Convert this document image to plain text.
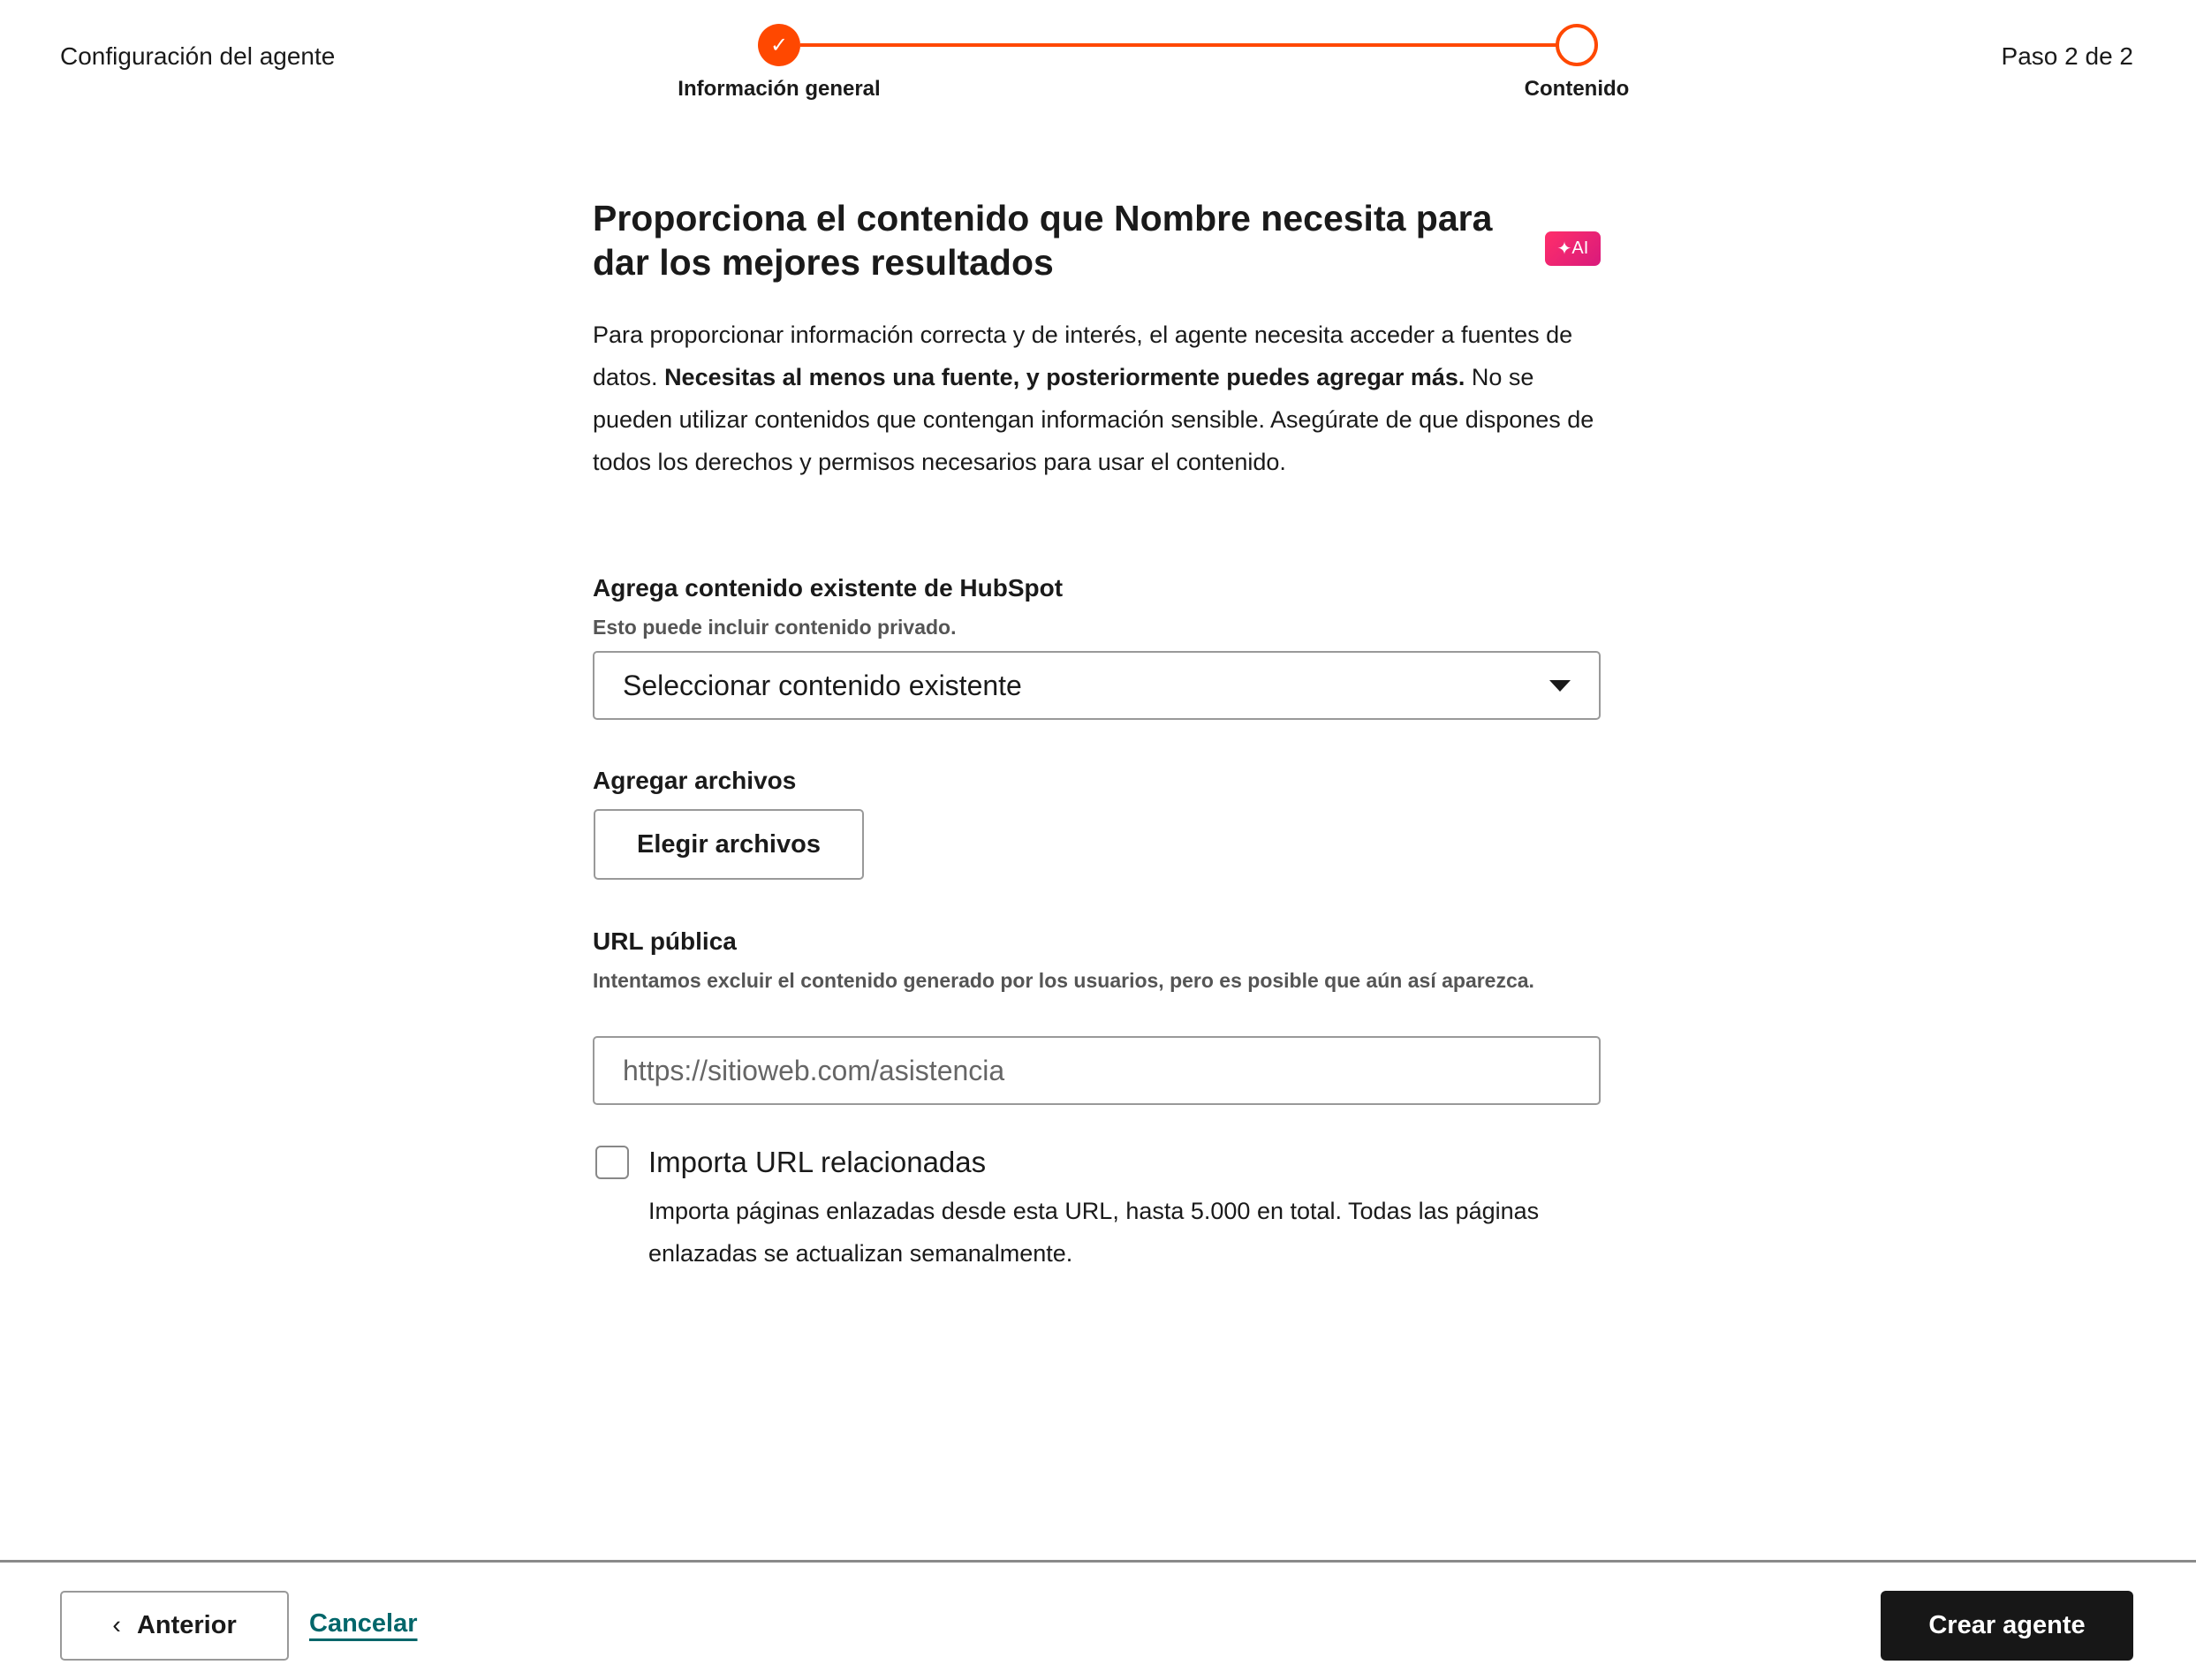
Configuración del agente	Paso 2 de 2
✓
Información general	Contenido
Proporciona el contenido que Nombre necesita para dar los mejores resultados	✦ AI

Para proporcionar información correcta y de interés, el agente necesita acceder a fuentes de datos. Necesitas al menos una fuente, y posteriormente puedes agregar más. No se pueden utilizar contenidos que contengan información sensible. Asegúrate de que dispones de todos los derechos y permisos necesarios para usar el contenido.

Agrega contenido existente de HubSpot
Esto puede incluir contenido privado.
Seleccionar contenido existente
Agregar archivos
Elegir archivos
URL pública
Intentamos excluir el contenido generado por los usuarios, pero es posible que aún así aparezca.
https://sitioweb.com/asistencia
Importa URL relacionadas
Importa páginas enlazadas desde esta URL, hasta 5.000 en total. Todas las páginas enlazadas se actualizan semanalmente.
‹ Anterior	Cancelar	Crear agente
